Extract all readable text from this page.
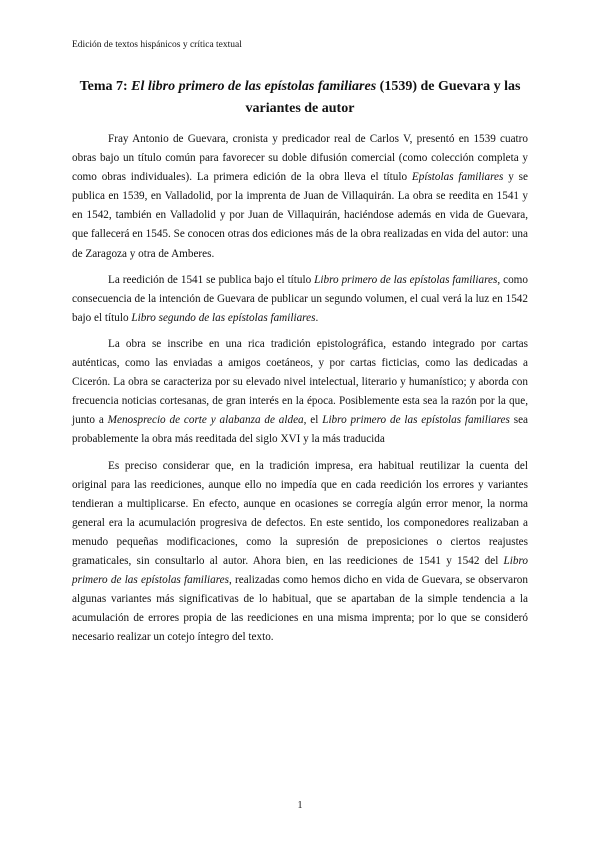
Edición de textos hispánicos y crítica textual
Tema 7: El libro primero de las epístolas familiares (1539) de Guevara y las variantes de autor

Fray Antonio de Guevara, cronista y predicador real de Carlos V, presentó en 1539 cuatro obras bajo un título común para favorecer su doble difusión comercial (como colección completa y como obras individuales). La primera edición de la obra lleva el título Epístolas familiares y se publica en 1539, en Valladolid, por la imprenta de Juan de Villaquirán. La obra se reedita en 1541 y en 1542, también en Valladolid y por Juan de Villaquirán, haciéndose además en vida de Guevara, que fallecerá en 1545. Se conocen otras dos ediciones más de la obra realizadas en vida del autor: una de Zaragoza y otra de Amberes.

La reedición de 1541 se publica bajo el título Libro primero de las epístolas familiares, como consecuencia de la intención de Guevara de publicar un segundo volumen, el cual verá la luz en 1542 bajo el título Libro segundo de las epístolas familiares.

La obra se inscribe en una rica tradición epistolográfica, estando integrado por cartas auténticas, como las enviadas a amigos coetáneos, y por cartas ficticias, como las dedicadas a Cicerón. La obra se caracteriza por su elevado nivel intelectual, literario y humanístico; y aborda con frecuencia noticias cortesanas, de gran interés en la época. Posiblemente esta sea la razón por la que, junto a Menosprecio de corte y alabanza de aldea, el Libro primero de las epístolas familiares sea probablemente la obra más reeditada del siglo XVI y la más traducida

Es preciso considerar que, en la tradición impresa, era habitual reutilizar la cuenta del original para las reediciones, aunque ello no impedía que en cada reedición los errores y variantes tendieran a multiplicarse. En efecto, aunque en ocasiones se corregía algún error menor, la norma general era la acumulación progresiva de defectos. En este sentido, los componedores realizaban a menudo pequeñas modificaciones, como la supresión de preposiciones o ciertos reajustes gramaticales, sin consultarlo al autor. Ahora bien, en las reediciones de 1541 y 1542 del Libro primero de las epístolas familiares, realizadas como hemos dicho en vida de Guevara, se observaron algunas variantes más significativas de lo habitual, que se apartaban de la simple tendencia a la acumulación de errores propia de las reediciones en una misma imprenta; por lo que se consideró necesario realizar un cotejo íntegro del texto.

1
